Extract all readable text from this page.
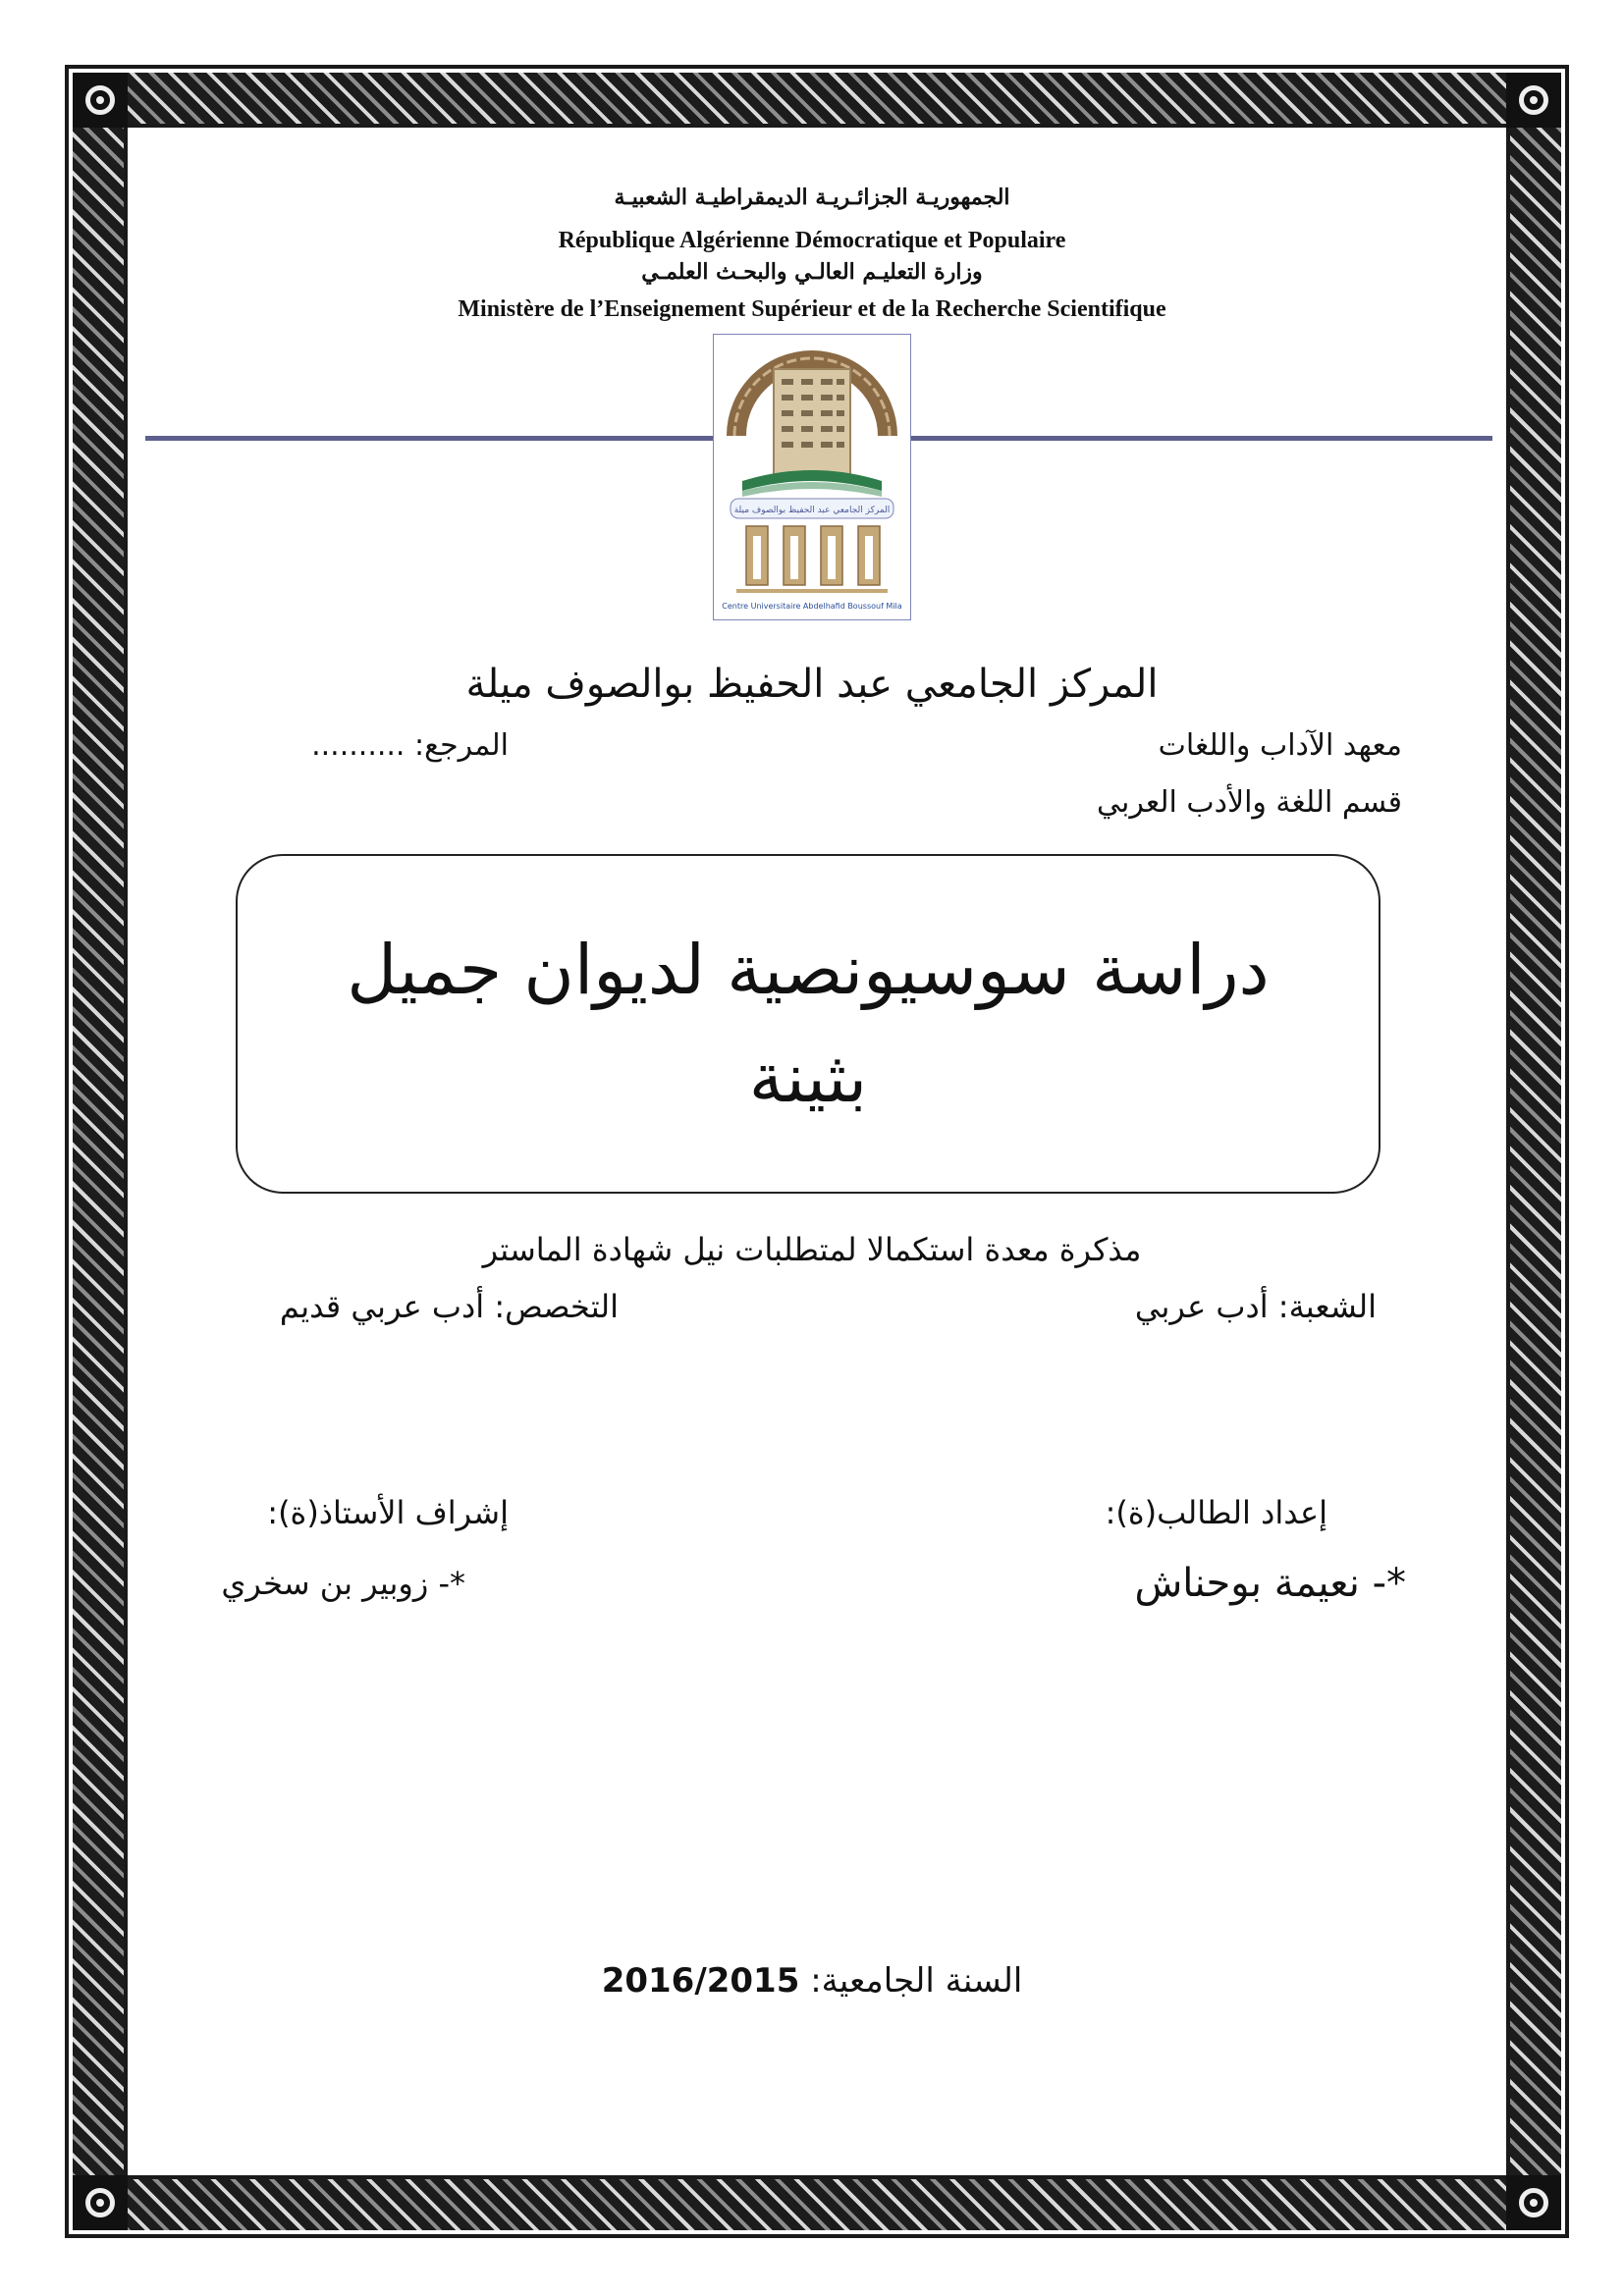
الجمهوريـة الجزائـريـة الديمقراطيـة الشعبيـة
République Algérienne Démocratique et Populaire
وزارة التعليـم العالـي والبحـث العلمـي
Ministère de l’Enseignement Supérieur et de la Recherche Scientifique
المركز الجامعي عبد الحفيظ بوالصوف ميلة
Centre Universitaire Abdelhafid Boussouf Mila
المركز الجامعي عبد الحفيظ بوالصوف ميلة
معهد الآداب واللغات
المرجع: ..........
قسم اللغة والأدب العربي
دراسة سوسيونصية لديوان جميل بثينة
مذكرة معدة استكمالا لمتطلبات نيل شهادة الماستر
الشعبة: أدب عربي
التخصص: أدب عربي قديم
إعداد الطالب(ة):
إشراف الأستاذ(ة):
*- نعيمة بوحناش
*- زوبير بن سخري
السنة الجامعية: 2016/2015
